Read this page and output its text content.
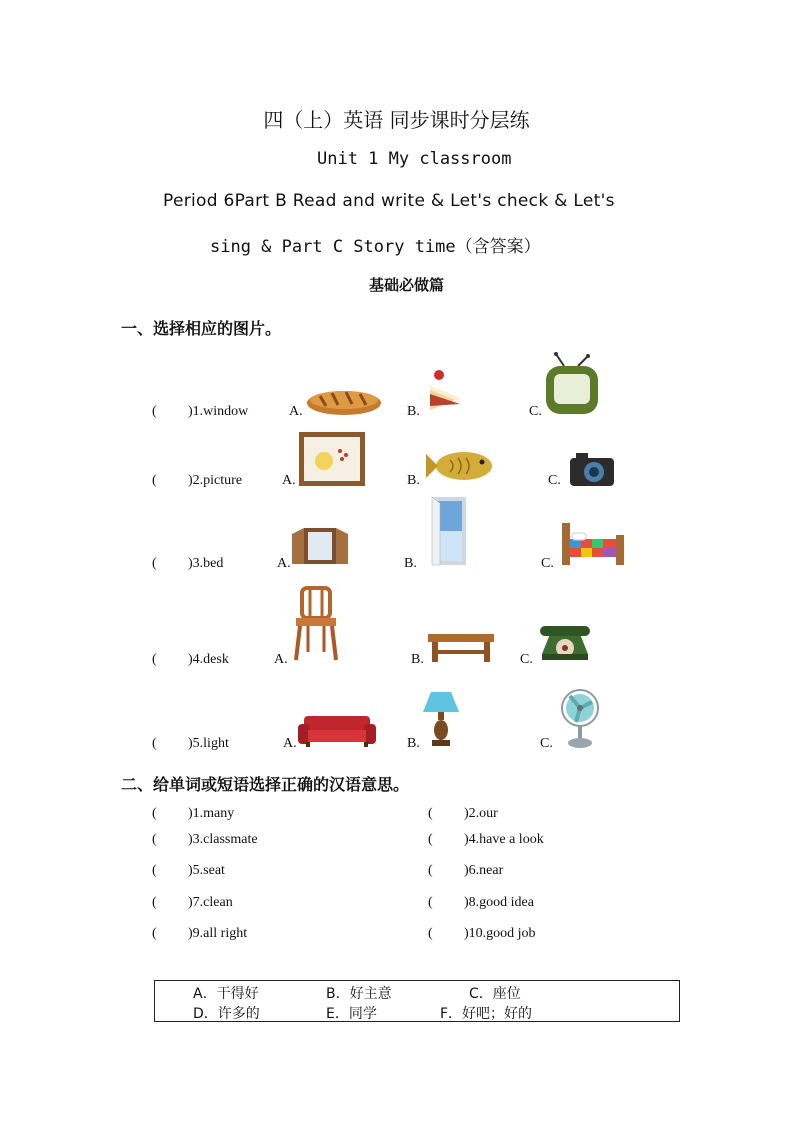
四（上）英语 同步课时分层练
Unit 1 My classroom
Period 6Part B Read and write & Let's check & Let's
sing & Part C Story time（含答案）
基础必做篇
一、选择相应的图片。
( )1.window	A.	B.	C.
( )2.picture	A.	B.	C.
( )3.bed	A.	B.	C.
( )4.desk	A.	B.	C.
( )5.light	A.	B.	C.
二、给单词或短语选择正确的汉语意思。
( )1.many	( )2.our
( )3.classmate	( )4.have a look
( )5.seat	( )6.near
( )7.clean	( )8.good idea
( )9.all right	( )10.good job
A．干得好	B．好主意	C．座位
D．许多的	E．同学	F．好吧；好的
